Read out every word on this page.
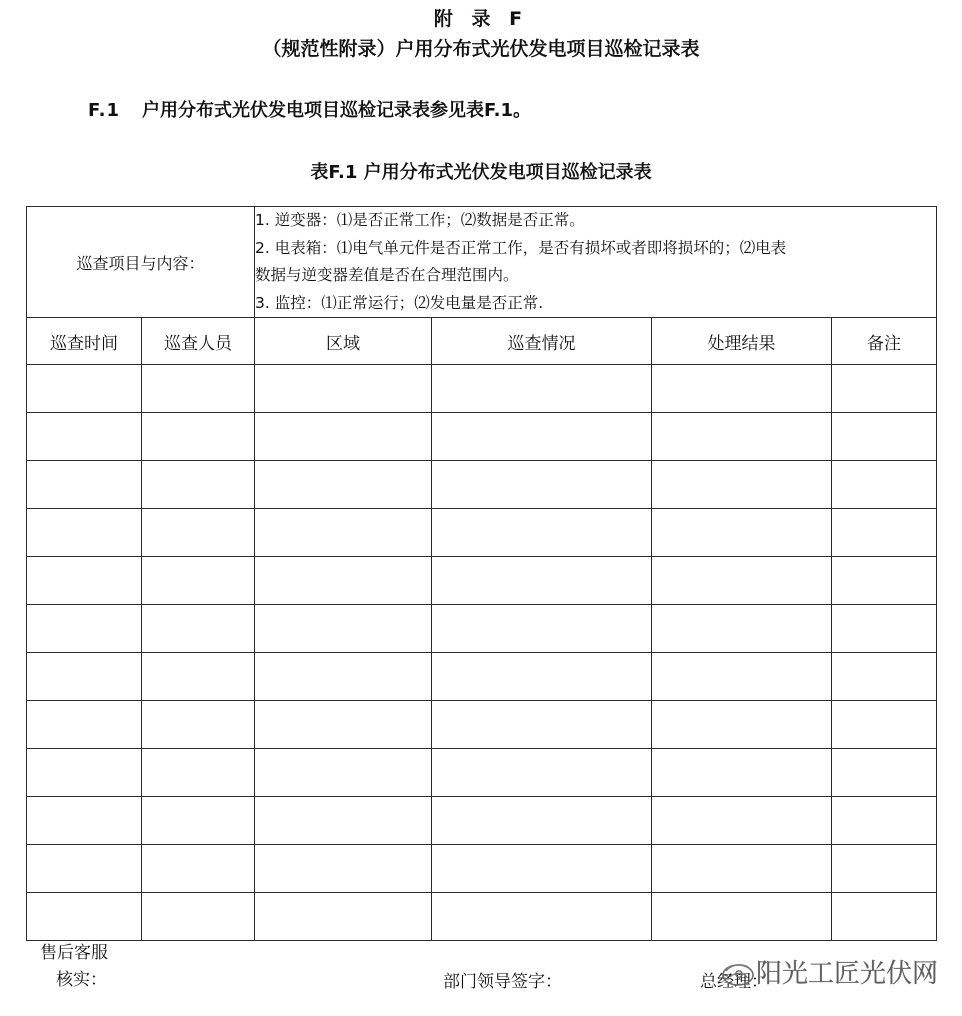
附 录 F
（规范性附录）户用分布式光伏发电项目巡检记录表
F.1 户用分布式光伏发电项目巡检记录表参见表F.1。
表F.1 户用分布式光伏发电项目巡检记录表
巡查项目与内容：		1. 逆变器：⑴是否正常工作；⑵数据是否正常。
2. 电表箱：⑴电气单元件是否正常工作，是否有损坏或者即将损坏的；⑵电表
数据与逆变器差值是否在合理范围内。
3. 监控：⑴正常运行；⑵发电量是否正常.			

巡查时间	巡查人员	区域	巡查情况	处理结果	备注

售后客服
核实：	部门领导签字：	总经理：
阳光工匠光伏网
